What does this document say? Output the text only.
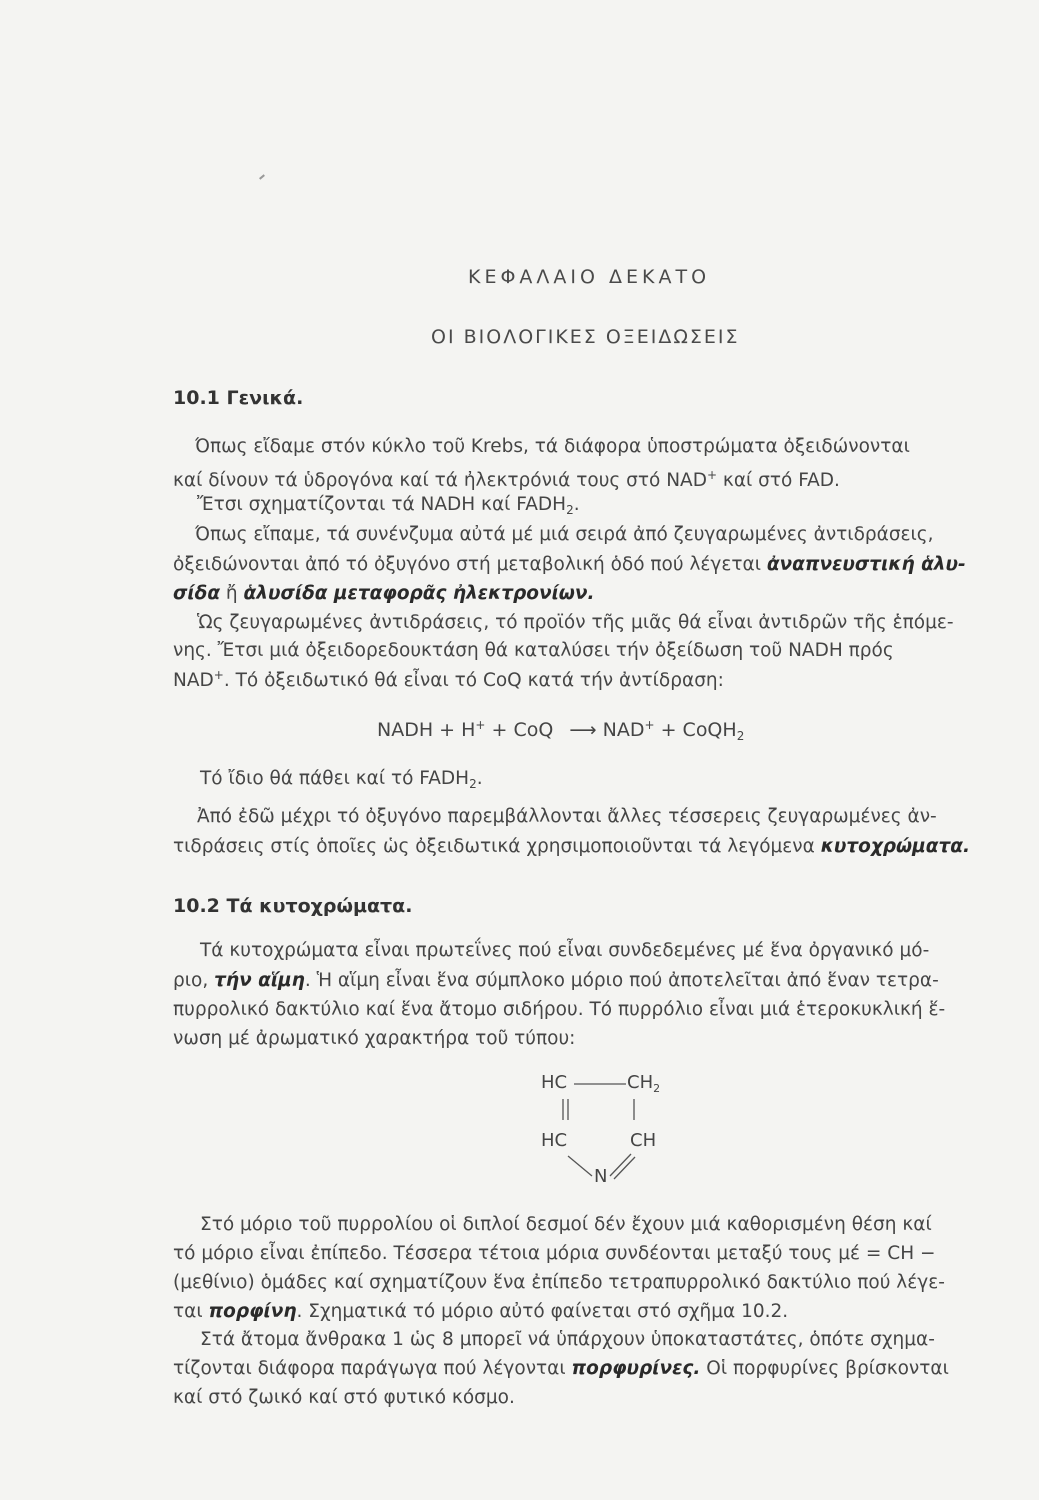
ΚΕΦΑΛΑΙΟ ΔΕΚΑΤΟ
ΟΙ ΒΙΟΛΟΓΙΚΕΣ ΟΞΕΙΔΩΣΕΙΣ
10.1 Γενικά.
Όπως εἴδαμε στόν κύκλο τοῦ Krebs, τά διάφορα ὑποστρώματα ὀξειδώνονται
καί δίνουν τά ὑδρογόνα καί τά ἠλεκτρόνιά τους στό NAD+ καί στό FAD.
Ἔτσι σχηματίζονται τά NADH καί $FADH_2$.
Όπως εἴπαμε, τά συνένζυμα αὐτά μέ μιά σειρά ἀπό ζευγαρωμένες ἀντιδράσεις,
ὀξειδώνονται ἀπό τό ὀξυγόνο στή μεταβολική ὁδό πού λέγεται ἀναπνευστική ἁλυ-
σίδα ἤ ἁλυσίδα μεταφορᾶς ἠλεκτρονίων.
Ὡς ζευγαρωμένες ἀντιδράσεις, τό προϊόν τῆς μιᾶς θά εἶναι ἀντιδρῶν τῆς ἑπόμε-
νης. Ἔτσι μιά ὀξειδορεδουκτάση θά καταλύσει τήν ὀξείδωση τοῦ NADH πρός
NAD+. Τό ὀξειδωτικό θά εἶναι τό CoQ κατά τήν ἀντίδραση:
NADH + H+ + CoQ ⟶ NAD+ + CoQH$_2$
Τό ἴδιο θά πάθει καί τό $FADH_2$.
Ἀπό ἐδῶ μέχρι τό ὀξυγόνο παρεμβάλλονται ἄλλες τέσσερεις ζευγαρωμένες ἀν-
τιδράσεις στίς ὁποῖες ὡς ὀξειδωτικά χρησιμοποιοῦνται τά λεγόμενα κυτοχρώματα.
10.2 Τά κυτοχρώματα.
Τά κυτοχρώματα εἶναι πρωτεΐνες πού εἶναι συνδεδεμένες μέ ἕνα ὀργανικό μό-
ριο, τήν αἵμη. Ἡ αἵμη εἶναι ἕνα σύμπλοκο μόριο πού ἀποτελεῖται ἀπό ἕναν τετρα-
πυρρολικό δακτύλιο καί ἕνα ἄτομο σιδήρου. Τό πυρρόλιο εἶναι μιά ἑτεροκυκλική ἕ-
νωση μέ ἀρωματικό χαρακτήρα τοῦ τύπου:
HC	$CH_2$
HC	CH
N
Στό μόριο τοῦ πυρρολίου οἱ διπλοί δεσμοί δέν ἔχουν μιά καθορισμένη θέση καί
τό μόριο εἶναι ἐπίπεδο. Τέσσερα τέτοια μόρια συνδέονται μεταξύ τους μέ = CH −
(μεθίνιο) ὁμάδες καί σχηματίζουν ἕνα ἐπίπεδο τετραπυρρολικό δακτύλιο πού λέγε-
ται πορφίνη. Σχηματικά τό μόριο αὐτό φαίνεται στό σχῆμα 10.2.
Στά ἄτομα ἄνθρακα 1 ὡς 8 μπορεῖ νά ὑπάρχουν ὑποκαταστάτες, ὁπότε σχημα-
τίζονται διάφορα παράγωγα πού λέγονται πορφυρίνες. Οἱ πορφυρίνες βρίσκονται
καί στό ζωικό καί στό φυτικό κόσμο.
